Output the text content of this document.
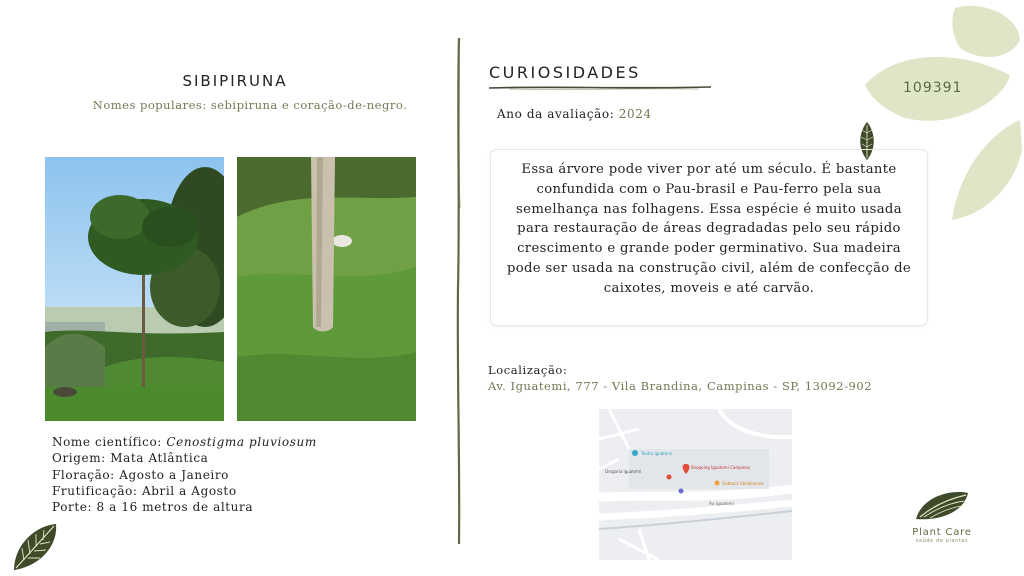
109391
SIBIPIRUNA
Nomes populares: sebipiruna e coração-de-negro.
Nome científico: Cenostigma pluviosum
Origem: Mata Atlântica
Floração: Agosto a Janeiro
Frutificação: Abril a Agosto
Porte: 8 a 16 metros de altura
CURIOSIDADES
Ano da avaliação: 2024
Essa árvore pode viver por até um século. É bastante confundida com o Pau-brasil e Pau-ferro pela sua semelhança nas folhagens. Essa espécie é muito usada para restauração de áreas degradadas pelo seu rápido crescimento e grande poder germinativo. Sua madeira pode ser usada na construção civil, além de confecção de caixotes, moveis e até carvão.
Localização:
Av. Iguatemi, 777 - Vila Brandina, Campinas - SP, 13092-902
Teatro Iguatemi
Shopping Iguatemi Campinas
Outback Steakhouse
Drogaria Iguatemi
Av. Iguatemi
Plant Care
saúde de plantas
